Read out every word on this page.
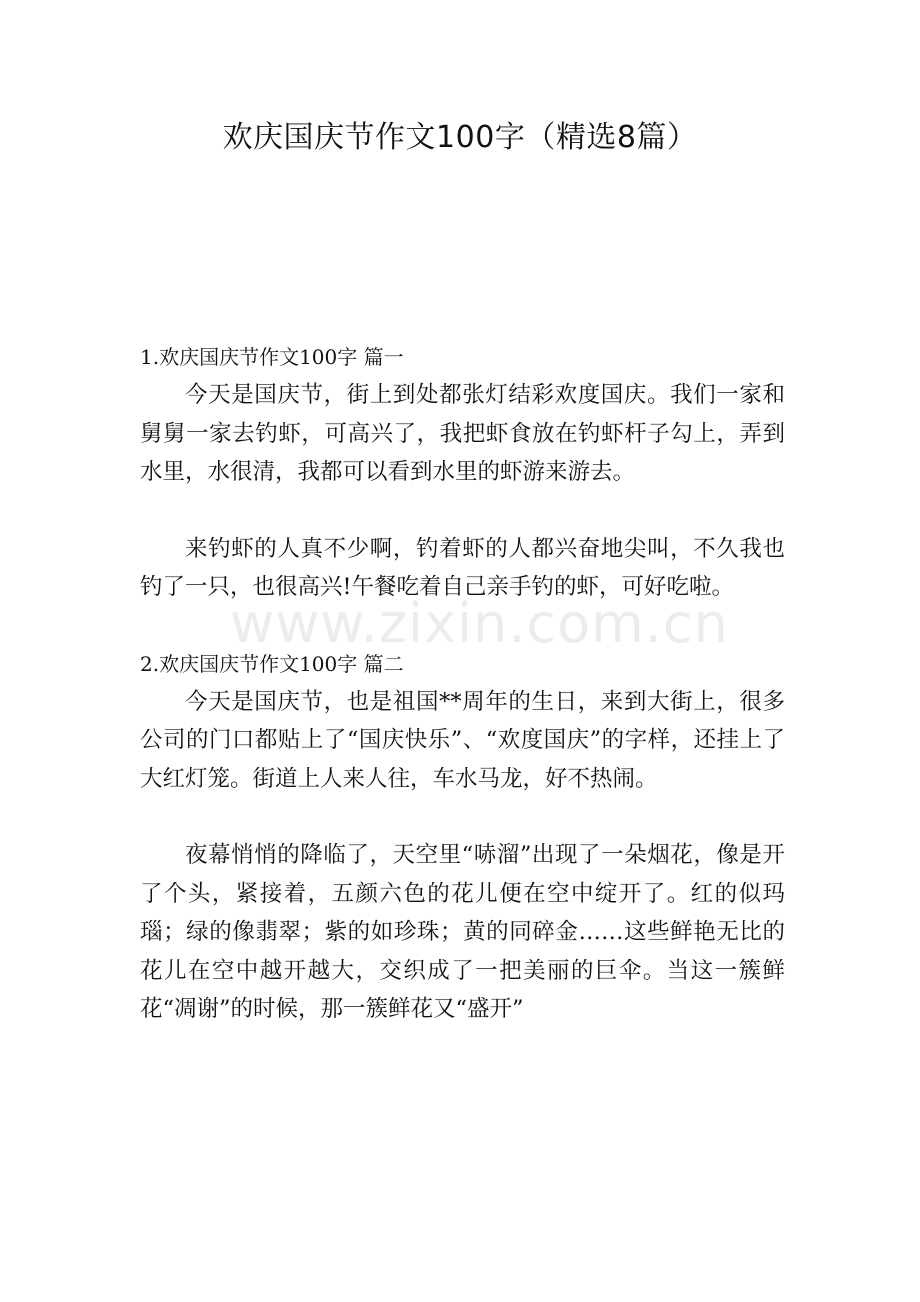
欢庆国庆节作文100字（精选8篇）
www.zixin.com.cn
1.欢庆国庆节作文100字 篇一

今天是国庆节，街上到处都张灯结彩欢度国庆。我们一家和舅舅一家去钓虾，可高兴了，我把虾食放在钓虾杆子勾上，弄到水里，水很清，我都可以看到水里的虾游来游去。

来钓虾的人真不少啊，钓着虾的人都兴奋地尖叫，不久我也钓了一只，也很高兴!午餐吃着自己亲手钓的虾，可好吃啦。

2.欢庆国庆节作文100字 篇二

今天是国庆节，也是祖国**周年的生日，来到大街上，很多公司的门口都贴上了“国庆快乐”、“欢度国庆”的字样，还挂上了大红灯笼。街道上人来人往，车水马龙，好不热闹。

夜幕悄悄的降临了，天空里“哧溜”出现了一朵烟花，像是开了个头，紧接着，五颜六色的花儿便在空中绽开了。红的似玛瑙；绿的像翡翠；紫的如珍珠；黄的同碎金……这些鲜艳无比的花儿在空中越开越大，交织成了一把美丽的巨伞。当这一簇鲜花“凋谢”的时候，那一簇鲜花又“盛开”
